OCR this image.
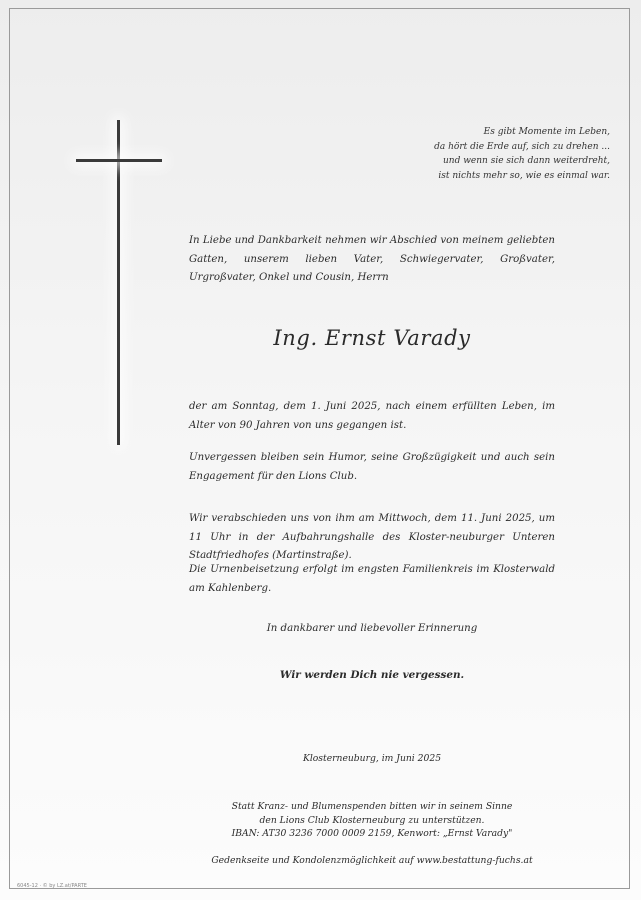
Es gibt Momente im Leben,
da hört die Erde auf, sich zu drehen ...
und wenn sie sich dann weiterdreht,
ist nichts mehr so, wie es einmal war.
In Liebe und Dankbarkeit nehmen wir Abschied von meinem geliebten Gatten, unserem lieben Vater, Schwiegervater, Großvater, Urgroßvater, Onkel und Cousin, Herrn
Ing. Ernst Varady
der am Sonntag, dem 1. Juni 2025, nach einem erfüllten Leben, im Alter von 90 Jahren von uns gegangen ist.
Unvergessen bleiben sein Humor, seine Großzügigkeit und auch sein Engagement für den Lions Club.
Wir verabschieden uns von ihm am Mittwoch, dem 11. Juni 2025, um 11 Uhr in der Aufbahrungshalle des Kloster-neuburger Unteren Stadtfriedhofes (Martinstraße).
Die Urnenbeisetzung erfolgt im engsten Familienkreis im Klosterwald am Kahlenberg.
In dankbarer und liebevoller Erinnerung
Wir werden Dich nie vergessen.
Klosterneuburg, im Juni 2025
Statt Kranz- und Blumenspenden bitten wir in seinem Sinne
den Lions Club Klosterneuburg zu unterstützen.
IBAN: AT30 3236 7000 0009 2159, Kenwort: „Ernst Varady"
Gedenkseite und Kondolenzmöglichkeit auf www.bestattung-fuchs.at
6045-12 · © by LZ.at/PARTE
